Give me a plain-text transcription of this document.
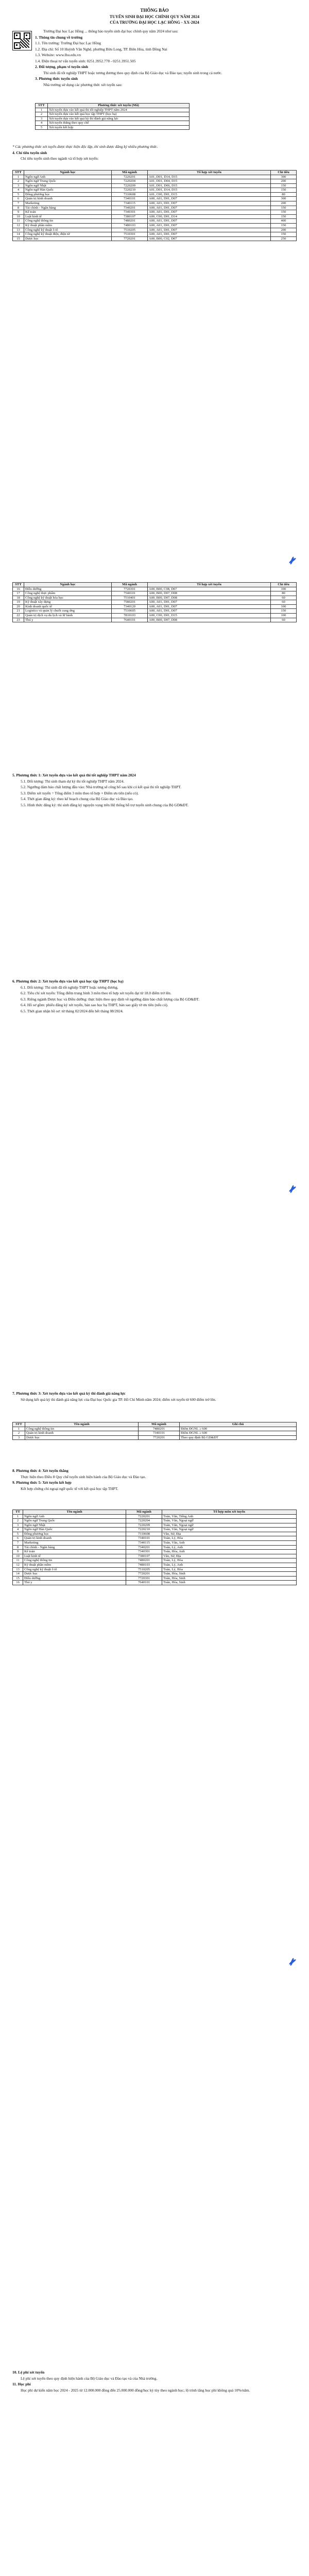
THÔNG BÁO

TUYỂN SINH ĐẠI HỌC CHÍNH QUY NĂM 2024

CỦA TRƯỜNG ĐẠI HỌC LẠC HỒNG - XX-2024

Trường Đại học Lạc Hồng ... thông báo tuyển sinh đại học chính quy năm 2024 như sau:

1. Thông tin chung về trường

1.1. Tên trường: Trường Đại học Lạc Hồng

1.2. Địa chỉ: Số 10 Huỳnh Văn Nghệ, phường Bửu Long, TP. Biên Hòa, tỉnh Đồng Nai

1.3. Website: www.lhu.edu.vn

1.4. Điện thoại tư vấn tuyển sinh: 0251.3952.778 - 0251.3951.505

2. Đối tượng, phạm vi tuyển sinh

Thí sinh đã tốt nghiệp THPT hoặc tương đương theo quy định của Bộ Giáo dục và Đào tạo; tuyển sinh trong cả nước.

3. Phương thức tuyển sinh

Nhà trường sử dụng các phương thức xét tuyển sau:

STT	Phương thức xét tuyển (Mã)
1	Xét tuyển dựa vào kết quả thi tốt nghiệp THPT năm 2024
2	Xét tuyển dựa vào kết quả học tập THPT (học bạ)
3	Xét tuyển dựa vào kết quả kỳ thi đánh giá năng lực
4	Xét tuyển thẳng theo quy chế
5	Xét tuyển kết hợp

* Các phương thức xét tuyển được thực hiện độc lập, thí sinh được đăng ký nhiều phương thức.

4. Chỉ tiêu tuyển sinh

Chỉ tiêu tuyển sinh theo ngành và tổ hợp xét tuyển:

STT	Ngành học	Mã ngành	Tổ hợp xét tuyển	Chỉ tiêu
1	Ngôn ngữ Anh	7220201	A01, D01, D14, D15	300
2	Ngôn ngữ Trung Quốc	7220204	A01, D01, D04, D15	200
3	Ngôn ngữ Nhật	7220209	A01, D01, D06, D15	150
4	Ngôn ngữ Hàn Quốc	7220210	A01, D01, D14, D15	150
5	Đông phương học	7310608	A01, C00, D01, D15	80
6	Quản trị kinh doanh	7340101	A00, A01, D01, D07	300
7	Marketing	7340115	A00, A01, D01, D07	200
8	Tài chính - Ngân hàng	7340201	A00, A01, D01, D07	150
9	Kế toán	7340301	A00, A01, D01, D07	150
10	Luật kinh tế	7380107	A00, C00, D01, D14	150
11	Công nghệ thông tin	7480201	A00, A01, D01, D07	400
12	Kỹ thuật phần mềm	7480103	A00, A01, D01, D07	150
13	Công nghệ kỹ thuật ô tô	7510205	A00, A01, D01, D07	200
14	Công nghệ kỹ thuật điện, điện tử	7510301	A00, A01, D01, D07	150
15	Dược học	7720201	A00, B00, C02, D07	250
STT	Ngành học	Mã ngành	Tổ hợp xét tuyển	Chỉ tiêu
16	Điều dưỡng	7720301	A00, B00, C08, D07	100
17	Công nghệ thực phẩm	7540101	A00, B00, D07, D08	80
18	Công nghệ kỹ thuật hóa học	7510401	A00, B00, D07, D08	60
19	Kỹ thuật xây dựng	7580201	A00, A01, D01, D07	60
20	Kinh doanh quốc tế	7340120	A00, A01, D01, D07	100
21	Logistics và quản lý chuỗi cung ứng	7510605	A00, A01, D01, D07	150
22	Quản trị dịch vụ du lịch và lữ hành	7810103	A00, C00, D01, D15	100
23	Thú y	7640101	A00, B00, D07, D08	60

5. Phương thức 1: Xét tuyển dựa vào kết quả thi tốt nghiệp THPT năm 2024

5.1. Đối tượng: Thí sinh tham dự kỳ thi tốt nghiệp THPT năm 2024.

5.2. Ngưỡng đảm bảo chất lượng đầu vào: Nhà trường sẽ công bố sau khi có kết quả thi tốt nghiệp THPT.

5.3. Điểm xét tuyển = Tổng điểm 3 môn theo tổ hợp + Điểm ưu tiên (nếu có).

5.4. Thời gian đăng ký: theo kế hoạch chung của Bộ Giáo dục và Đào tạo.

5.5. Hình thức đăng ký: thí sinh đăng ký nguyện vọng trên Hệ thống hỗ trợ tuyển sinh chung của Bộ GD&ĐT.

6. Phương thức 2: Xét tuyển dựa vào kết quả học tập THPT (học bạ)

6.1. Đối tượng: Thí sinh đã tốt nghiệp THPT hoặc tương đương.

6.2. Tiêu chí xét tuyển: Tổng điểm trung bình 3 môn theo tổ hợp xét tuyển đạt từ 18.0 điểm trở lên.

6.3. Riêng ngành Dược học và Điều dưỡng: thực hiện theo quy định về ngưỡng đảm bảo chất lượng của Bộ GD&ĐT.

6.4. Hồ sơ gồm: phiếu đăng ký xét tuyển, bản sao học bạ THPT, bản sao giấy tờ ưu tiên (nếu có).

6.5. Thời gian nhận hồ sơ: từ tháng 02/2024 đến hết tháng 08/2024.

7. Phương thức 3: Xét tuyển dựa vào kết quả kỳ thi đánh giá năng lực

Sử dụng kết quả kỳ thi đánh giá năng lực của Đại học Quốc gia TP. Hồ Chí Minh năm 2024; điểm xét tuyển từ 600 điểm trở lên.

STT	Tên ngành	Mã ngành	Ghi chú
1	Công nghệ thông tin	7480201	Điểm ĐGNL ≥ 600
2	Quản trị kinh doanh	7340101	Điểm ĐGNL ≥ 600
3	Dược học	7720201	Theo quy định Bộ GD&ĐT

8. Phương thức 4: Xét tuyển thẳng

Thực hiện theo Điều 8 Quy chế tuyển sinh hiện hành của Bộ Giáo dục và Đào tạo.

9. Phương thức 5: Xét tuyển kết hợp

Kết hợp chứng chỉ ngoại ngữ quốc tế với kết quả học tập THPT.

TT	Tên ngành	Mã ngành	Tổ hợp môn xét tuyển
1	Ngôn ngữ Anh	7220201	Toán, Văn, Tiếng Anh
2	Ngôn ngữ Trung Quốc	7220204	Toán, Văn, Ngoại ngữ
3	Ngôn ngữ Nhật	7220209	Toán, Văn, Ngoại ngữ
4	Ngôn ngữ Hàn Quốc	7220210	Toán, Văn, Ngoại ngữ
5	Đông phương học	7310608	Văn, Sử, Địa
6	Quản trị kinh doanh	7340101	Toán, Lý, Hóa
7	Marketing	7340115	Toán, Văn, Anh
8	Tài chính - Ngân hàng	7340201	Toán, Lý, Anh
9	Kế toán	7340301	Toán, Hóa, Anh
10	Luật kinh tế	7380107	Văn, Sử, Địa
11	Công nghệ thông tin	7480201	Toán, Lý, Hóa
12	Kỹ thuật phần mềm	7480103	Toán, Lý, Anh
13	Công nghệ kỹ thuật ô tô	7510205	Toán, Lý, Hóa
14	Dược học	7720201	Toán, Hóa, Sinh
15	Điều dưỡng	7720301	Toán, Hóa, Sinh
16	Thú y	7640101	Toán, Hóa, Sinh

10. Lệ phí xét tuyển

Lệ phí xét tuyển theo quy định hiện hành của Bộ Giáo dục và Đào tạo và của Nhà trường.

11. Học phí

Học phí dự kiến năm học 2024 - 2025 từ 12.000.000 đồng đến 25.000.000 đồng/học kỳ tùy theo ngành học; lộ trình tăng học phí không quá 10%/năm.
